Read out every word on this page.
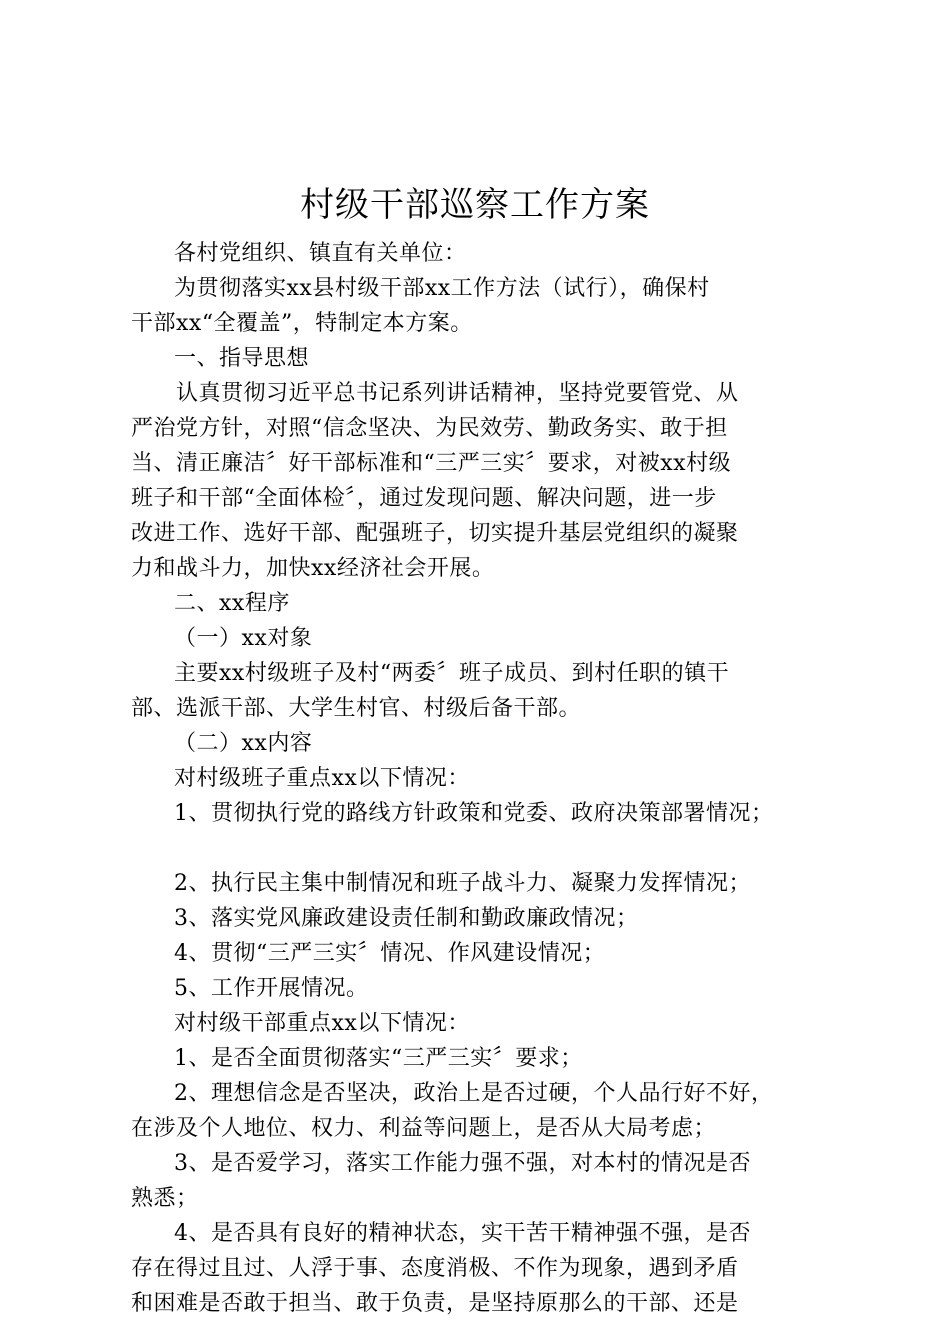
村级干部巡察工作方案
各村党组织、镇直有关单位：
为贯彻落实xx县村级干部xx工作方法（试行），确保村
干部xx“全覆盖”，特制定本方案。
一、指导思想
认真贯彻习近平总书记系列讲话精神，坚持党要管党、从
严治党方针，对照“信念坚决、为民效劳、勤政务实、敢于担
当、清正廉洁〞好干部标准和“三严三实〞要求，对被xx村级
班子和干部“全面体检〞，通过发现问题、解决问题，进一步
改进工作、选好干部、配强班子，切实提升基层党组织的凝聚
力和战斗力，加快xx经济社会开展。
二、xx程序
（一）xx对象
主要xx村级班子及村“两委〞班子成员、到村任职的镇干
部、选派干部、大学生村官、村级后备干部。
（二）xx内容
对村级班子重点xx以下情况：
1、贯彻执行党的路线方针政策和党委、政府决策部署情况；
2、执行民主集中制情况和班子战斗力、凝聚力发挥情况；
3、落实党风廉政建设责任制和勤政廉政情况；
4、贯彻“三严三实〞情况、作风建设情况；
5、工作开展情况。
对村级干部重点xx以下情况：
1、是否全面贯彻落实“三严三实〞要求；
2、理想信念是否坚决，政治上是否过硬，个人品行好不好，
在涉及个人地位、权力、利益等问题上，是否从大局考虑；
3、是否爱学习，落实工作能力强不强，对本村的情况是否
熟悉；
4、是否具有良好的精神状态，实干苦干精神强不强，是否
存在得过且过、人浮于事、态度消极、不作为现象，遇到矛盾
和困难是否敢于担当、敢于负责，是坚持原那么的干部、还是
